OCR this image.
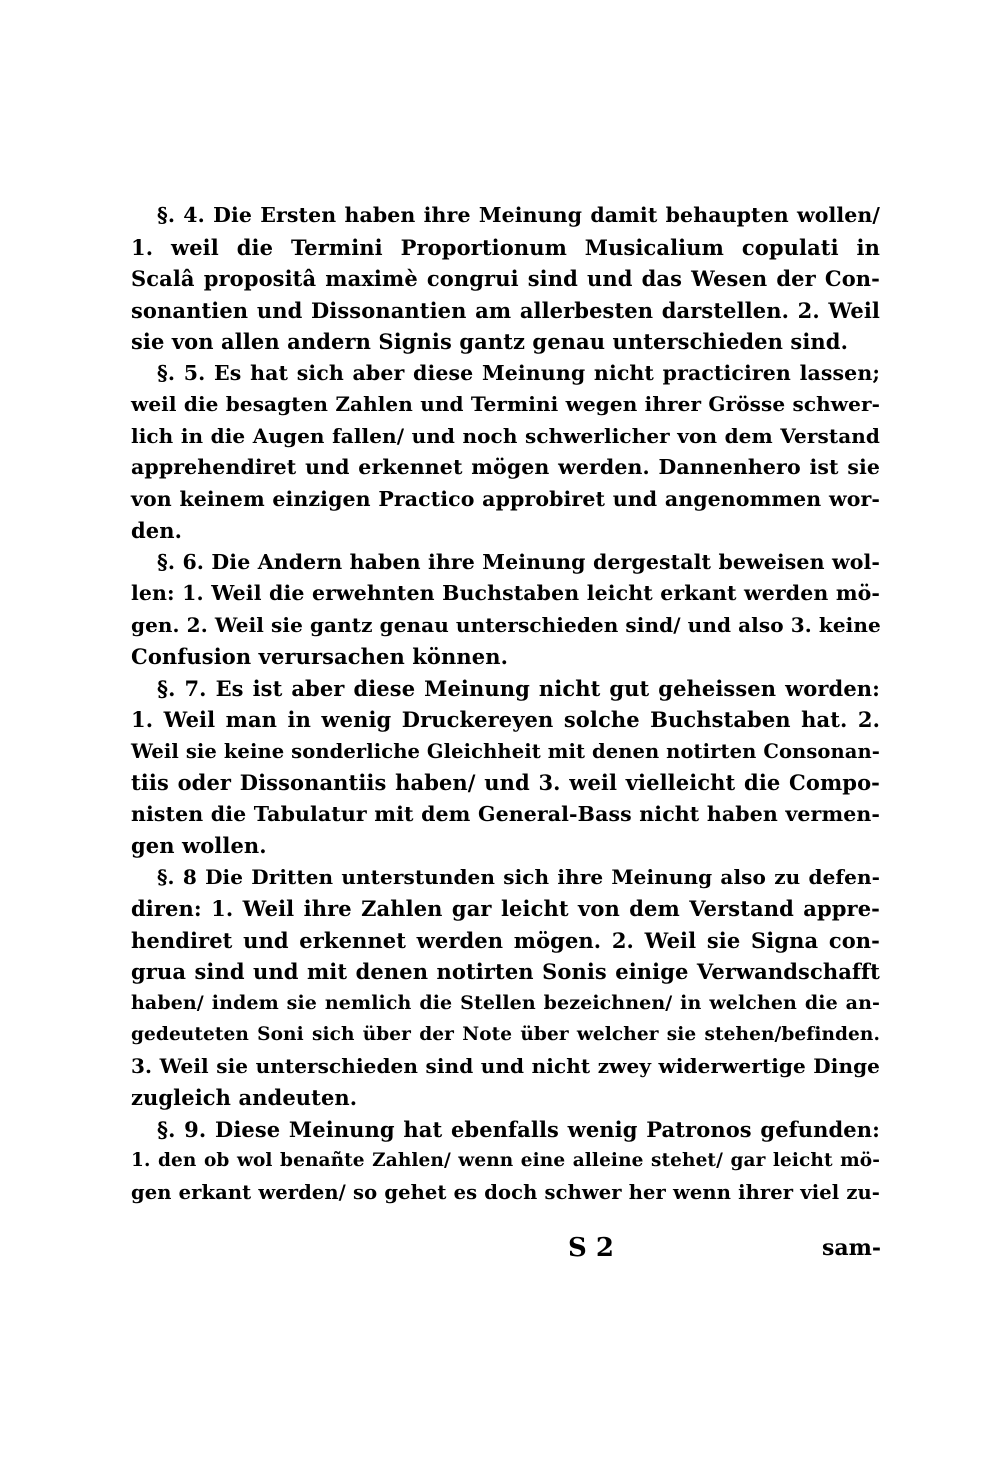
§. 4. Die Ersten haben ihre Meinung damit behaupten wollen/
1. weil die Termini Proportionum Musicalium copulati in
Scalâ propositâ maximè congrui sind und das Wesen der Con-
sonantien und Dissonantien am allerbesten darstellen. 2. Weil
sie von allen andern Signis gantz genau unterschieden sind.
§. 5. Es hat sich aber diese Meinung nicht practiciren lassen;
weil die besagten Zahlen und Termini wegen ihrer Grösse schwer-
lich in die Augen fallen/ und noch schwerlicher von dem Verstand
apprehendiret und erkennet mögen werden. Dannenhero ist sie
von keinem einzigen Practico approbiret und angenommen wor-
den.
§. 6. Die Andern haben ihre Meinung dergestalt beweisen wol-
len: 1. Weil die erwehnten Buchstaben leicht erkant werden mö-
gen. 2. Weil sie gantz genau unterschieden sind/ und also 3. keine
Confusion verursachen können.
§. 7. Es ist aber diese Meinung nicht gut geheissen worden:
1. Weil man in wenig Druckereyen solche Buchstaben hat. 2.
Weil sie keine sonderliche Gleichheit mit denen notirten Consonan-
tiis oder Dissonantiis haben/ und 3. weil vielleicht die Compo-
nisten die Tabulatur mit dem General-Bass nicht haben vermen-
gen wollen.
§. 8 Die Dritten unterstunden sich ihre Meinung also zu defen-
diren: 1. Weil ihre Zahlen gar leicht von dem Verstand appre-
hendiret und erkennet werden mögen. 2. Weil sie Signa con-
grua sind und mit denen notirten Sonis einige Verwandschafft
haben/ indem sie nemlich die Stellen bezeichnen/ in welchen die an-
gedeuteten Soni sich über der Note über welcher sie stehen/befinden.
3. Weil sie unterschieden sind und nicht zwey widerwertige Dinge
zugleich andeuten.
§. 9. Diese Meinung hat ebenfalls wenig Patronos gefunden:
1. den ob wol benañte Zahlen/ wenn eine alleine stehet/ gar leicht mö-
gen erkant werden/ so gehet es doch schwer her wenn ihrer viel zu-
S 2	sam-
